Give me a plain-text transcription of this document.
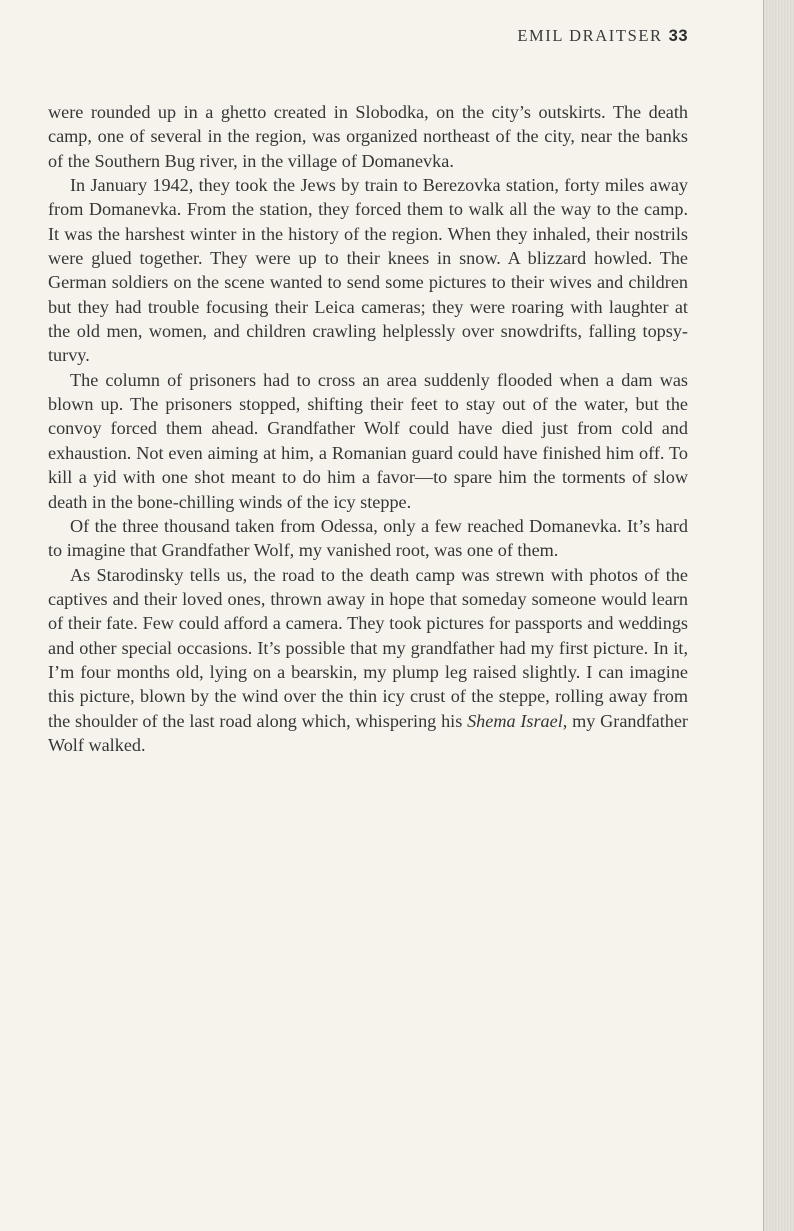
EMIL DRAITSER 33

were rounded up in a ghetto created in Slobodka, on the city’s outskirts. The death camp, one of several in the region, was organized northeast of the city, near the banks of the Southern Bug river, in the village of Domanevka.

In January 1942, they took the Jews by train to Berezovka station, forty miles away from Domanevka. From the station, they forced them to walk all the way to the camp. It was the harshest winter in the history of the region. When they inhaled, their nostrils were glued together. They were up to their knees in snow. A blizzard howled. The German soldiers on the scene wanted to send some pictures to their wives and children but they had trouble focusing their Leica cameras; they were roaring with laughter at the old men, women, and children crawling helplessly over snowdrifts, falling topsy-turvy.

The column of prisoners had to cross an area suddenly flooded when a dam was blown up. The prisoners stopped, shifting their feet to stay out of the water, but the convoy forced them ahead. Grandfather Wolf could have died just from cold and exhaustion. Not even aiming at him, a Romanian guard could have finished him off. To kill a yid with one shot meant to do him a favor—to spare him the torments of slow death in the bone-chilling winds of the icy steppe.

Of the three thousand taken from Odessa, only a few reached Domanevka. It’s hard to imagine that Grandfather Wolf, my vanished root, was one of them.

As Starodinsky tells us, the road to the death camp was strewn with photos of the captives and their loved ones, thrown away in hope that someday someone would learn of their fate. Few could afford a camera. They took pictures for passports and weddings and other special occasions. It’s possible that my grandfather had my first picture. In it, I’m four months old, lying on a bearskin, my plump leg raised slightly. I can imagine this picture, blown by the wind over the thin icy crust of the steppe, rolling away from the shoulder of the last road along which, whispering his Shema Israel, my Grandfather Wolf walked.
